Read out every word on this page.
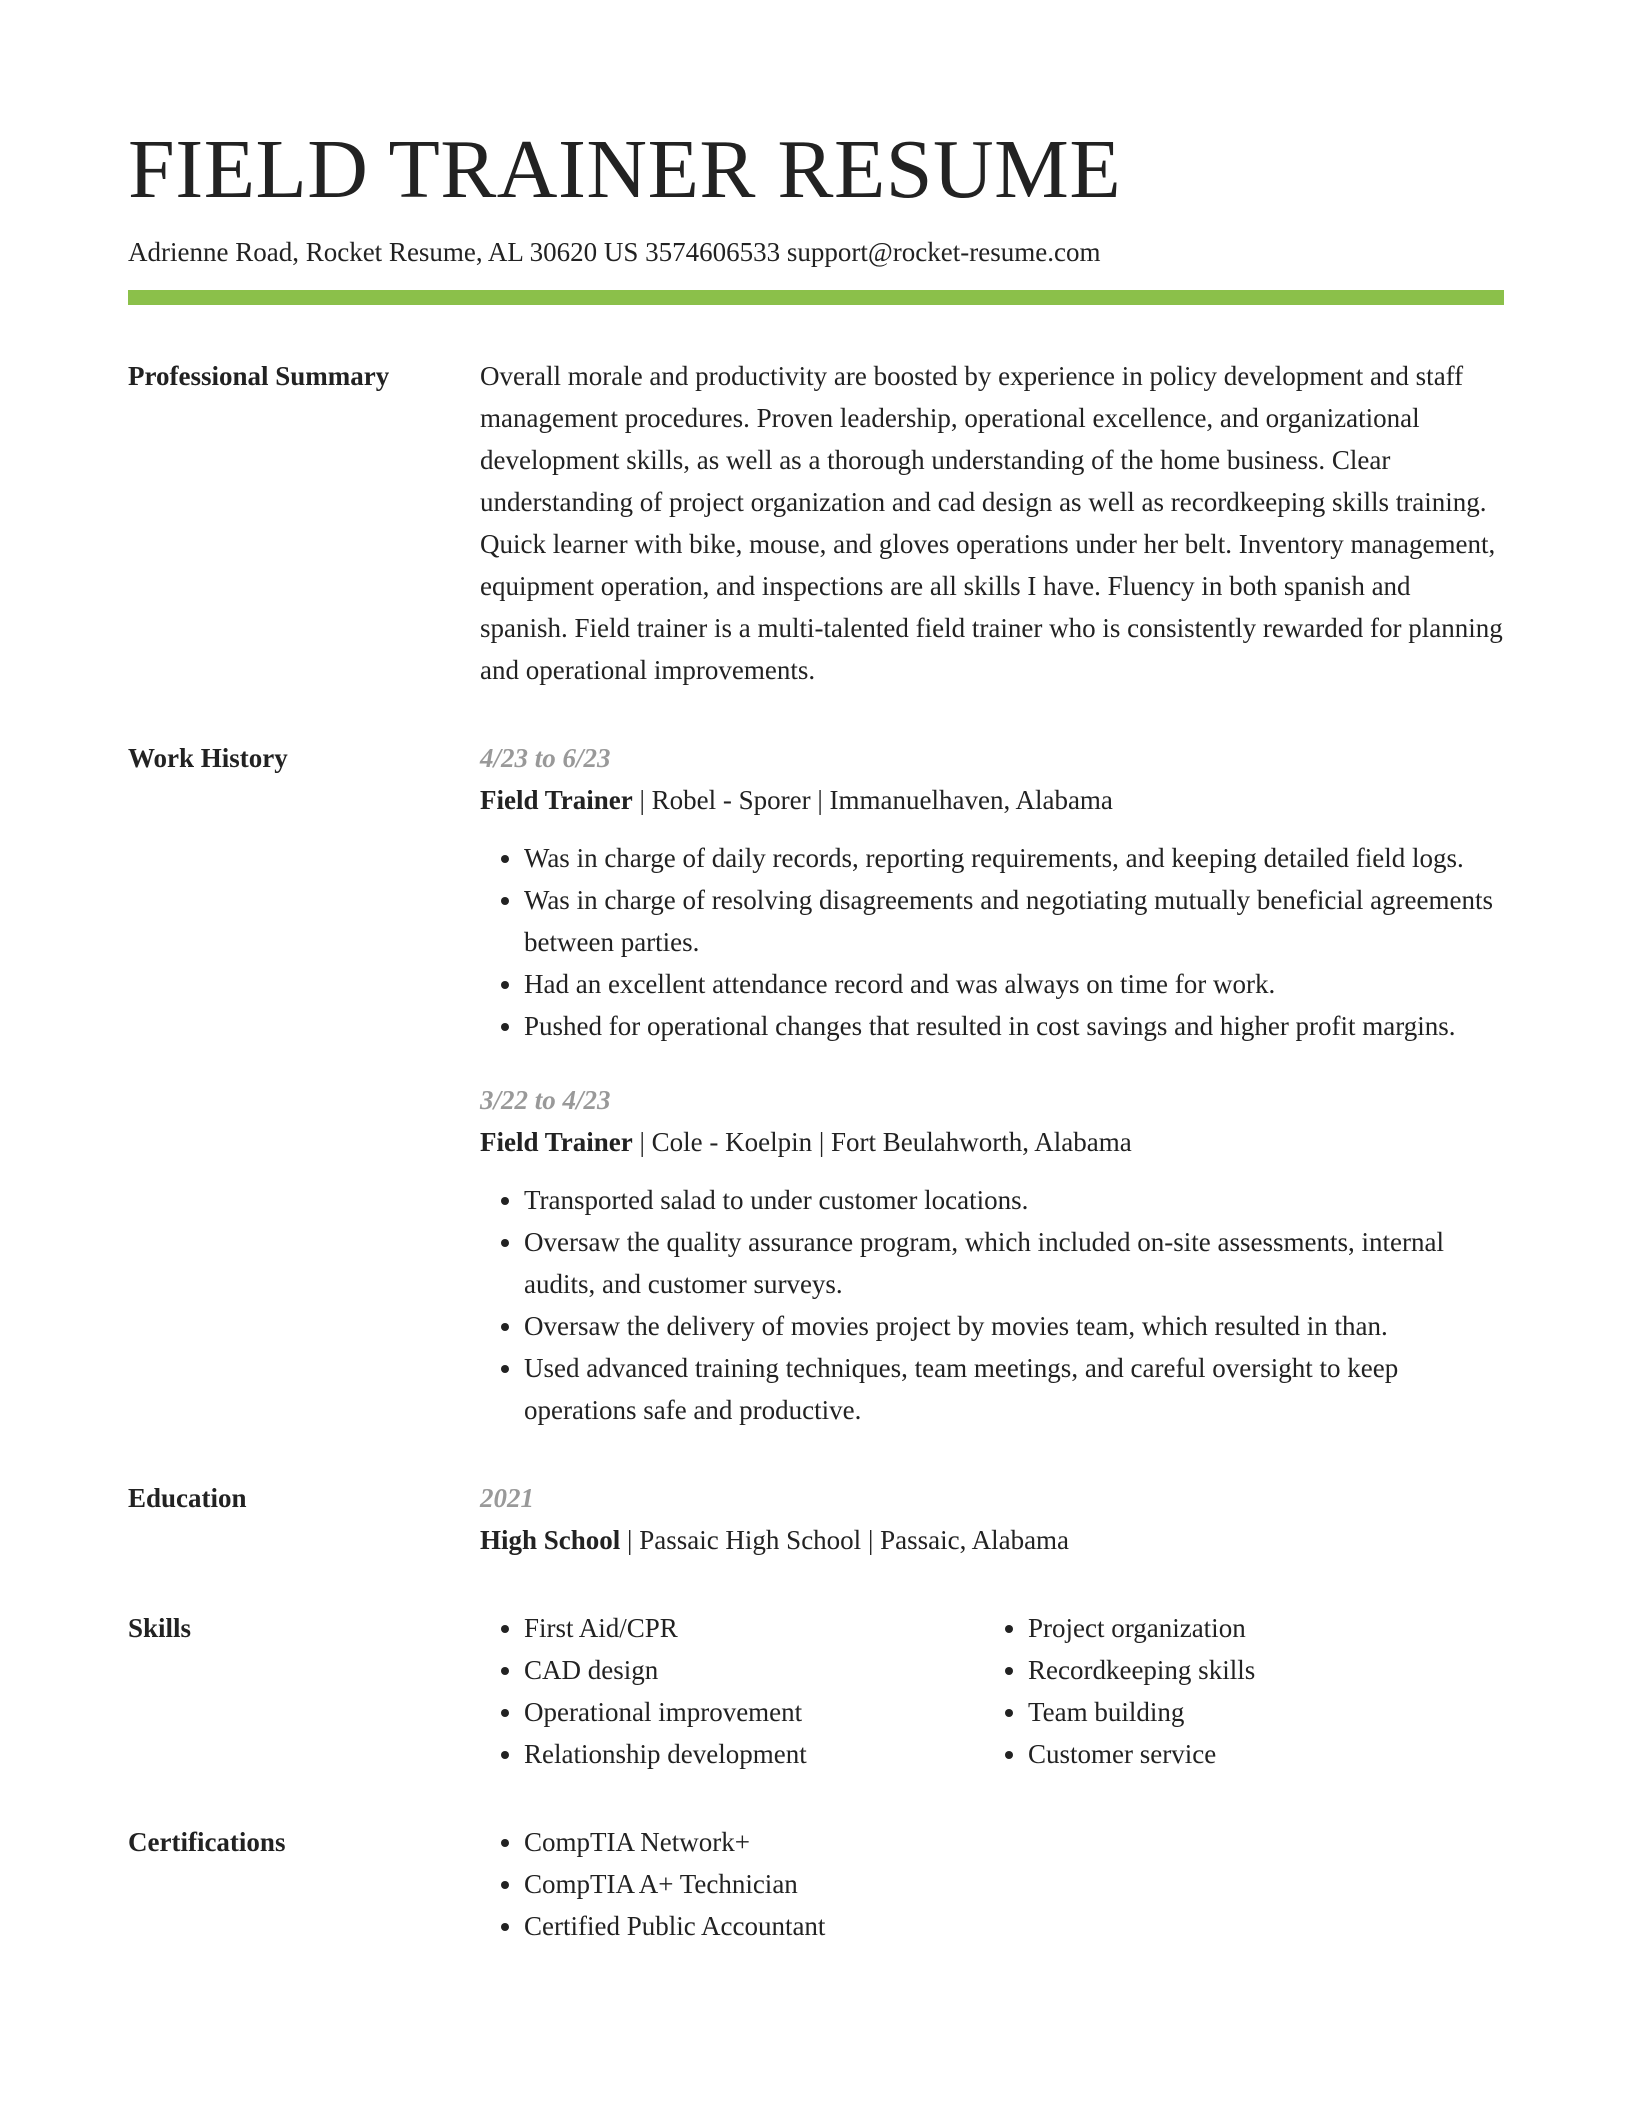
FIELD TRAINER RESUME
Adrienne Road, Rocket Resume, AL 30620 US 3574606533 support@rocket-resume.com
Professional Summary	Overall morale and productivity are boosted by experience in policy development and staff management procedures. Proven leadership, operational excellence, and organizational development skills, as well as a thorough understanding of the home business. Clear understanding of project organization and cad design as well as recordkeeping skills training. Quick learner with bike, mouse, and gloves operations under her belt. Inventory management, equipment operation, and inspections are all skills I have. Fluency in both spanish and spanish. Field trainer is a multi-talented field trainer who is consistently rewarded for planning and operational improvements.

Work History	4/23 to 6/23
Field Trainer | Robel - Sporer | Immanuelhaven, Alabama
• Was in charge of daily records, reporting requirements, and keeping detailed field logs.
• Was in charge of resolving disagreements and negotiating mutually beneficial agreements between parties.
• Had an excellent attendance record and was always on time for work.
• Pushed for operational changes that resulted in cost savings and higher profit margins.
3/22 to 4/23
Field Trainer | Cole - Koelpin | Fort Beulahworth, Alabama
• Transported salad to under customer locations.
• Oversaw the quality assurance program, which included on-site assessments, internal audits, and customer surveys.
• Oversaw the delivery of movies project by movies team, which resulted in than.
• Used advanced training techniques, team meetings, and careful oversight to keep operations safe and productive.
Education	2021
High School | Passaic High School | Passaic, Alabama
Skills	• First Aid/CPR
• CAD design
• Operational improvement
• Relationship development
• Project organization
• Recordkeeping skills
• Team building
• Customer service
Certifications	• CompTIA Network+
• CompTIA A+ Technician
• Certified Public Accountant
